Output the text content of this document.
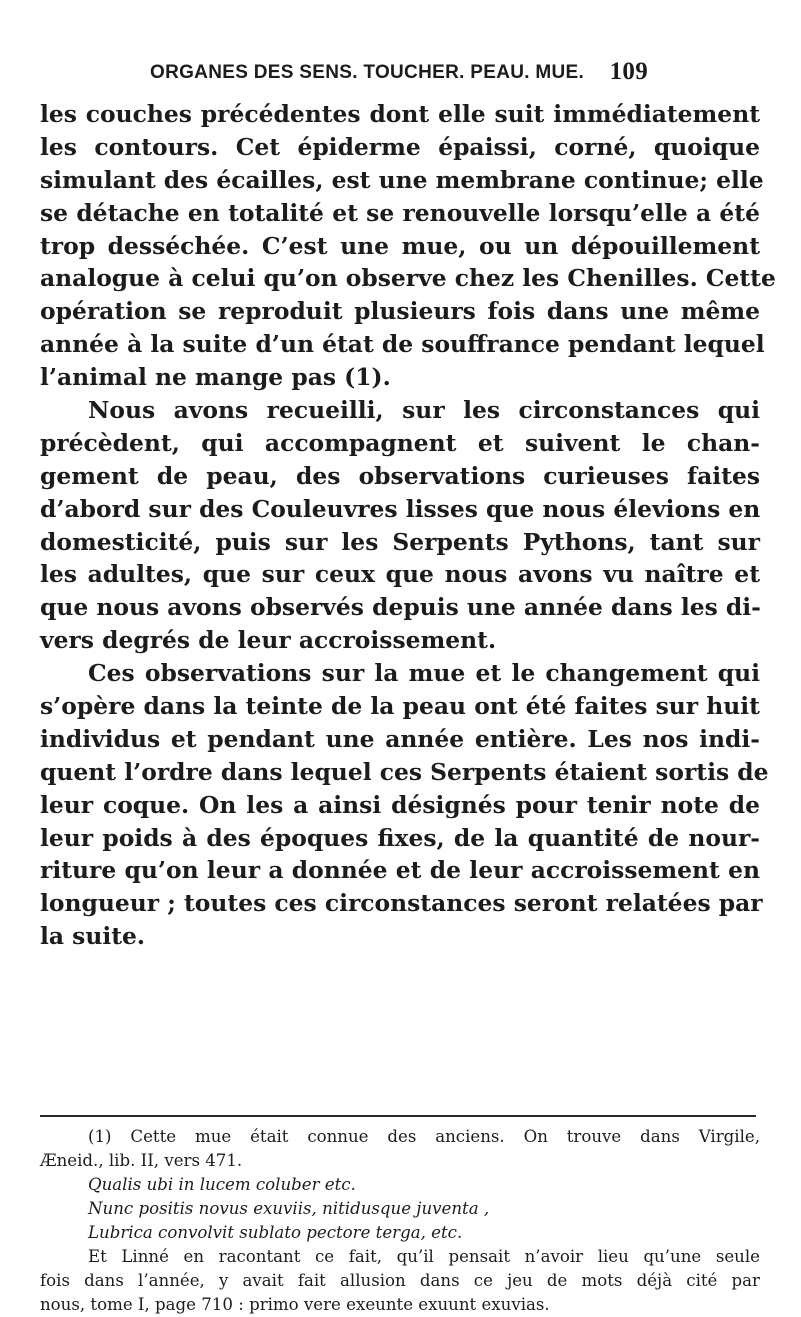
ORGANES DES SENS. TOUCHER. PEAU. MUE. 109
les couches précédentes dont elle suit immédiatement
les contours. Cet épiderme épaissi, corné, quoique
simulant des écailles, est une membrane continue; elle
se détache en totalité et se renouvelle lorsqu’elle a été
trop desséchée. C’est une mue, ou un dépouillement
analogue à celui qu’on observe chez les Chenilles. Cette
opération se reproduit plusieurs fois dans une même
année à la suite d’un état de souffrance pendant lequel
l’animal ne mange pas (1).
Nous avons recueilli, sur les circonstances qui
précèdent, qui accompagnent et suivent le chan-
gement de peau, des observations curieuses faites
d’abord sur des Couleuvres lisses que nous élevions en
domesticité, puis sur les Serpents Pythons, tant sur
les adultes, que sur ceux que nous avons vu naître et
que nous avons observés depuis une année dans les di-
vers degrés de leur accroissement.
Ces observations sur la mue et le changement qui
s’opère dans la teinte de la peau ont été faites sur huit
individus et pendant une année entière. Les nos indi-
quent l’ordre dans lequel ces Serpents étaient sortis de
leur coque. On les a ainsi désignés pour tenir note de
leur poids à des époques fixes, de la quantité de nour-
riture qu’on leur a donnée et de leur accroissement en
longueur ; toutes ces circonstances seront relatées par
la suite.
(1) Cette mue était connue des anciens. On trouve dans Virgile,
Æneid., lib. II, vers 471.
Qualis ubi in lucem coluber etc.
Nunc positis novus exuviis, nitidusque juventa ,
Lubrica convolvit sublato pectore terga, etc.
Et Linné en racontant ce fait, qu’il pensait n’avoir lieu qu’une seule
fois dans l’année, y avait fait allusion dans ce jeu de mots déjà cité par
nous, tome I, page 710 : primo vere exeunte exuunt exuvias.
